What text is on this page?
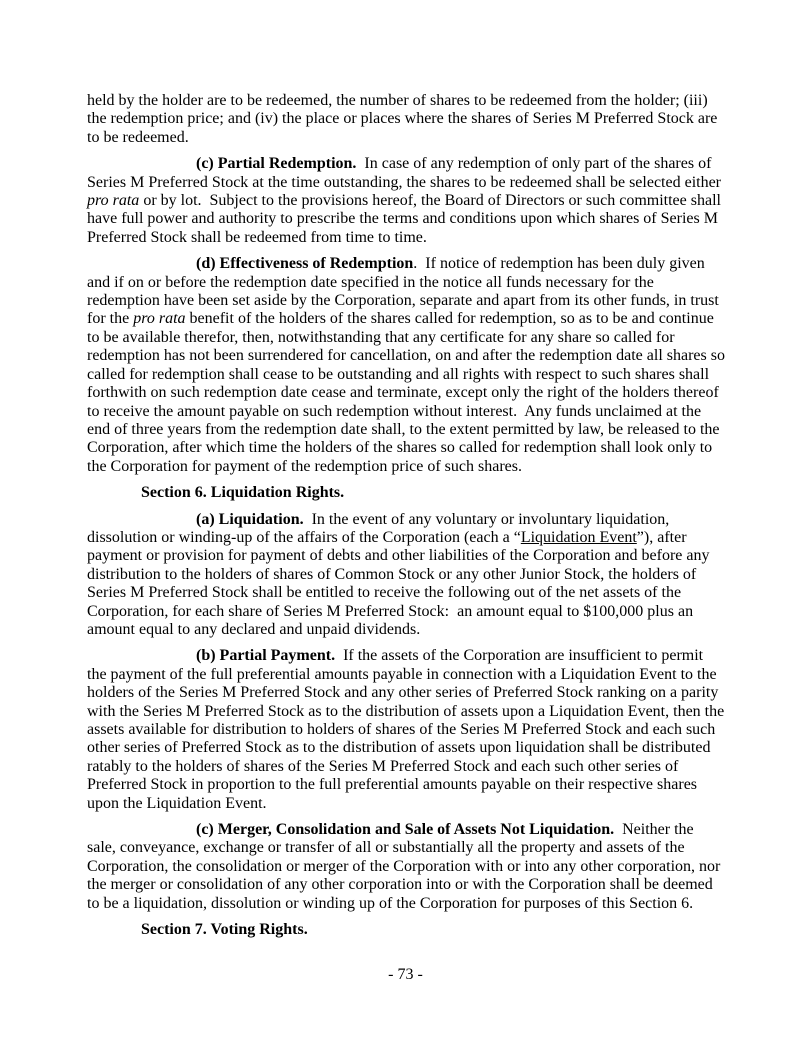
held by the holder are to be redeemed, the number of shares to be redeemed from the holder; (iii) the redemption price; and (iv) the place or places where the shares of Series M Preferred Stock are to be redeemed.

(c) Partial Redemption.  In case of any redemption of only part of the shares of Series M Preferred Stock at the time outstanding, the shares to be redeemed shall be selected either pro rata or by lot.  Subject to the provisions hereof, the Board of Directors or such committee shall have full power and authority to prescribe the terms and conditions upon which shares of Series M Preferred Stock shall be redeemed from time to time.

(d) Effectiveness of Redemption.  If notice of redemption has been duly given and if on or before the redemption date specified in the notice all funds necessary for the redemption have been set aside by the Corporation, separate and apart from its other funds, in trust for the pro rata benefit of the holders of the shares called for redemption, so as to be and continue to be available therefor, then, notwithstanding that any certificate for any share so called for redemption has not been surrendered for cancellation, on and after the redemption date all shares so called for redemption shall cease to be outstanding and all rights with respect to such shares shall forthwith on such redemption date cease and terminate, except only the right of the holders thereof to receive the amount payable on such redemption without interest.  Any funds unclaimed at the end of three years from the redemption date shall, to the extent permitted by law, be released to the Corporation, after which time the holders of the shares so called for redemption shall look only to the Corporation for payment of the redemption price of such shares.

Section 6. Liquidation Rights.

(a) Liquidation.  In the event of any voluntary or involuntary liquidation, dissolution or winding-up of the affairs of the Corporation (each a “Liquidation Event”), after payment or provision for payment of debts and other liabilities of the Corporation and before any distribution to the holders of shares of Common Stock or any other Junior Stock, the holders of Series M Preferred Stock shall be entitled to receive the following out of the net assets of the Corporation, for each share of Series M Preferred Stock:  an amount equal to $100,000 plus an amount equal to any declared and unpaid dividends.

(b) Partial Payment.  If the assets of the Corporation are insufficient to permit the payment of the full preferential amounts payable in connection with a Liquidation Event to the holders of the Series M Preferred Stock and any other series of Preferred Stock ranking on a parity with the Series M Preferred Stock as to the distribution of assets upon a Liquidation Event, then the assets available for distribution to holders of shares of the Series M Preferred Stock and each such other series of Preferred Stock as to the distribution of assets upon liquidation shall be distributed ratably to the holders of shares of the Series M Preferred Stock and each such other series of Preferred Stock in proportion to the full preferential amounts payable on their respective shares upon the Liquidation Event.

(c) Merger, Consolidation and Sale of Assets Not Liquidation.  Neither the sale, conveyance, exchange or transfer of all or substantially all the property and assets of the Corporation, the consolidation or merger of the Corporation with or into any other corporation, nor the merger or consolidation of any other corporation into or with the Corporation shall be deemed to be a liquidation, dissolution or winding up of the Corporation for purposes of this Section 6.

Section 7. Voting Rights.

- 73 -
